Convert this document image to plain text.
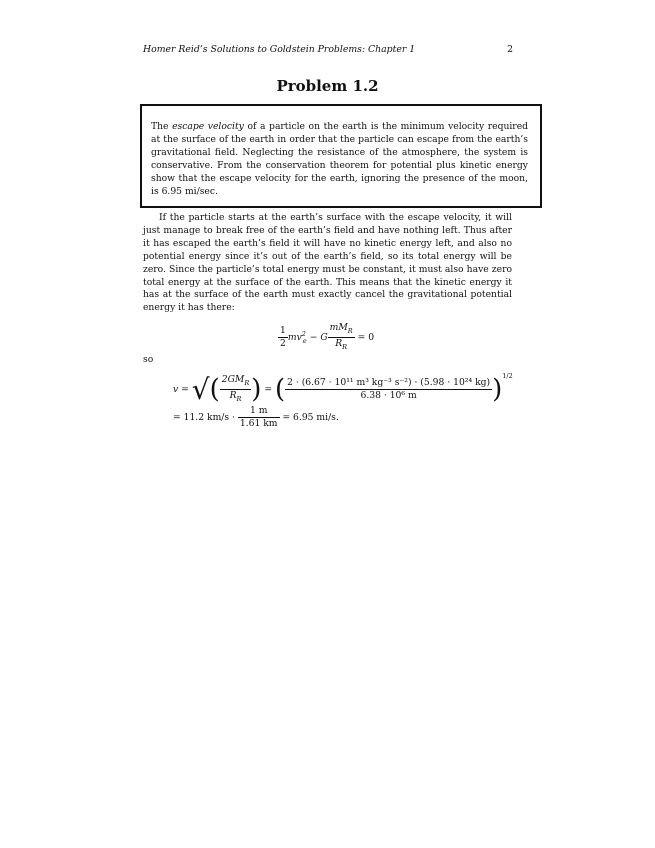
Homer Reid’s Solutions to Goldstein Problems: Chapter 1	2
Problem 1.2
The escape velocity of a particle on the earth is the minimum velocity required at the surface of the earth in order that the particle can escape from the earth’s gravitational field. Neglecting the resistance of the atmosphere, the system is conservative. From the conservation theorem for potential plus kinetic energy show that the escape velocity for the earth, ignoring the presence of the moon, is 6.95 mi/sec.

If the particle starts at the earth’s surface with the escape velocity, it will just manage to break free of the earth’s field and have nothing left. Thus after it has escaped the earth’s field it will have no kinetic energy left, and also no potential energy since it’s out of the earth’s field, so its total energy will be zero. Since the particle’s total energy must be constant, it must also have zero total energy at the surface of the earth. This means that the kinetic energy it has at the surface of the earth must exactly cancel the gravitational potential energy it has there:

$\frac{1}{2} mv^2_e - G \frac{mM_R}{R_R} = 0$
so
v = √( $\frac{2GM_R}{R_R}$ ) = ( $\frac{\text{2 · (6.67 · 10¹¹ m³ kg⁻³ s⁻²) · (5.98 · 10²⁴ kg)}}{\text{6.38 · 10⁶ m}} )^{1/2}$
= 11.2 $km/s \cdot \frac{1 m}{1.61 km} = 6.95$ mi/s.
